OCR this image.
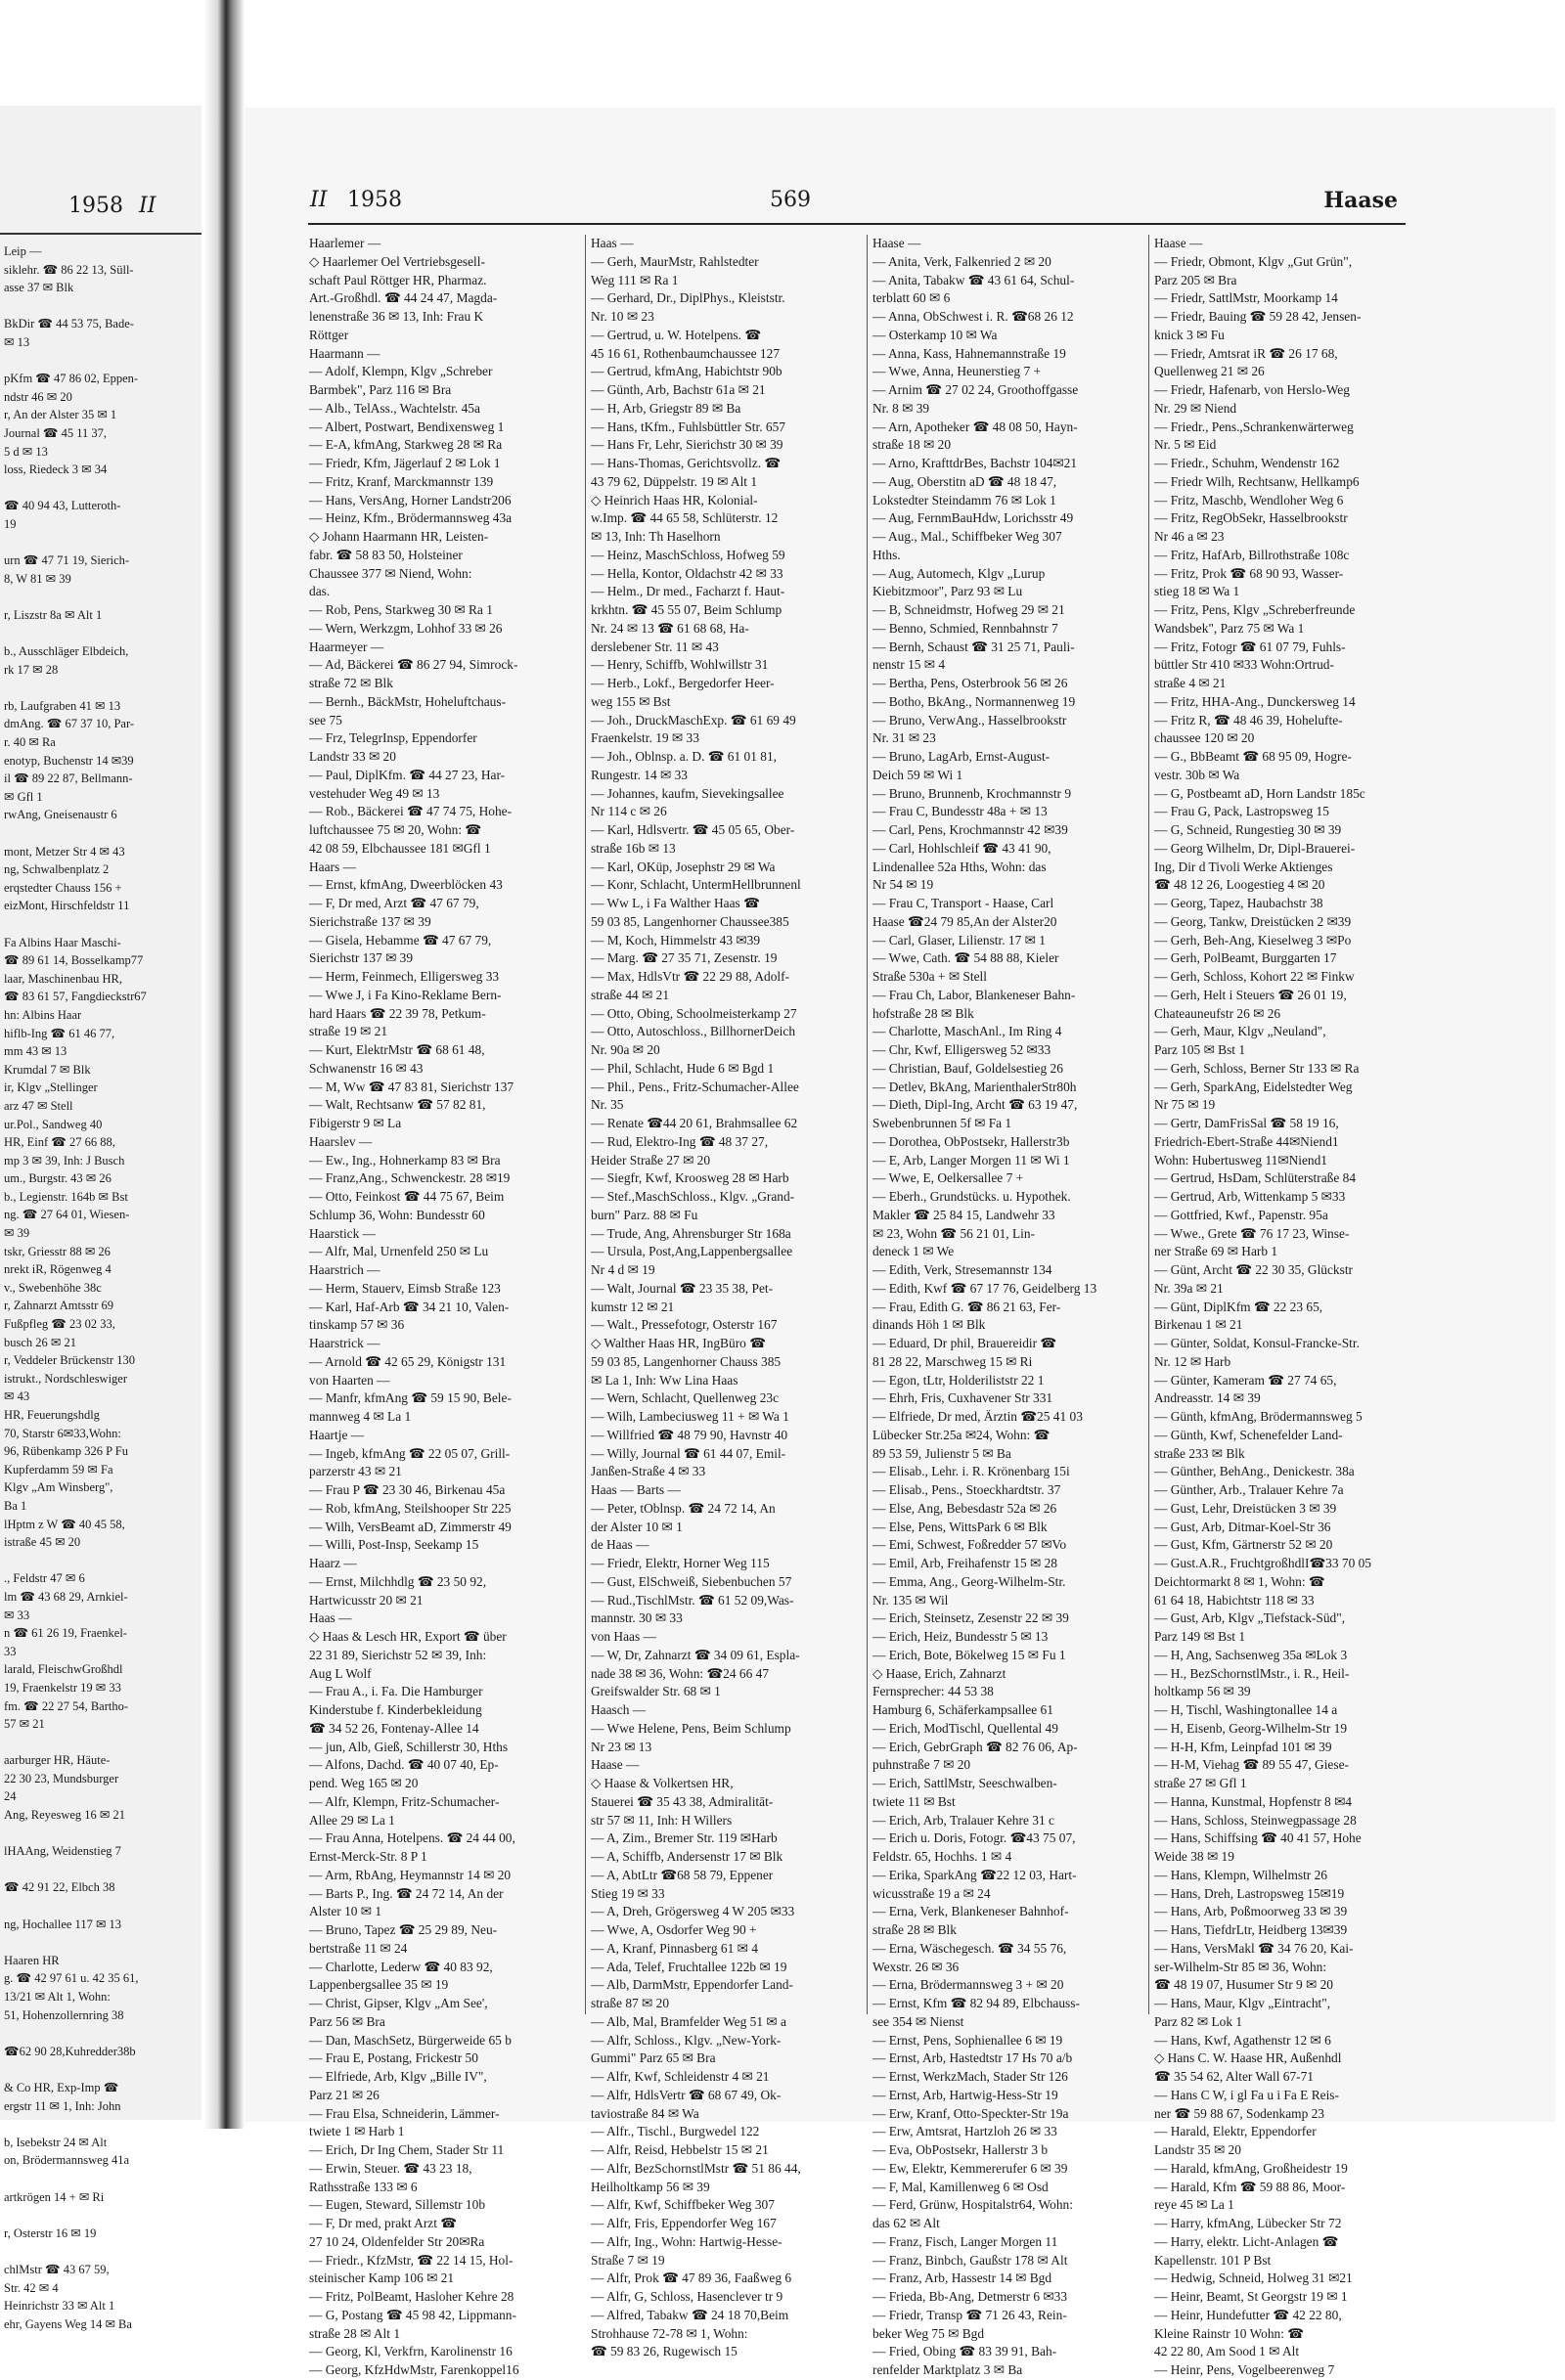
1958 II
Leip —
siklehr. ☎ 86 22 13, Süll-
asse 37 ✉ Blk

BkDir ☎ 44 53 75, Bade-
✉ 13

pKfm ☎ 47 86 02, Eppen-
ndstr 46 ✉ 20
r, An der Alster 35 ✉ 1
Journal ☎ 45 11 37,
5 d ✉ 13
loss, Riedeck 3 ✉ 34

☎ 40 94 43, Lutteroth-
19

urn ☎ 47 71 19, Sierich-
8, W 81 ✉ 39

r, Liszstr 8a ✉ Alt 1

b., Ausschläger Elbdeich,
rk 17 ✉ 28

rb, Laufgraben 41 ✉ 13
dmAng. ☎ 67 37 10, Par-
r. 40 ✉ Ra
enotyp, Buchenstr 14 ✉39
il ☎ 89 22 87, Bellmann-
✉ Gfl 1
rwAng, Gneisenaustr 6

mont, Metzer Str 4 ✉ 43
ng, Schwalbenplatz 2
erqstedter Chauss 156 +
eizMont, Hirschfeldstr 11

Fa Albins Haar Maschi-
☎ 89 61 14, Bosselkamp77
laar, Maschinenbau HR,
☎ 83 61 57, Fangdieckstr67
hn: Albins Haar
hiflb-Ing ☎ 61 46 77,
mm 43 ✉ 13
Krumdal 7 ✉ Blk
ir, Klgv „Stellinger
arz 47 ✉ Stell
ur.Pol., Sandweg 40
HR, Einf ☎ 27 66 88,
mp 3 ✉ 39, Inh: J Busch
um., Burgstr. 43 ✉ 26
b., Legienstr. 164b ✉ Bst
ng. ☎ 27 64 01, Wiesen-
✉ 39
tskr, Griesstr 88 ✉ 26
nrekt iR, Rögenweg 4
v., Swebenhöhe 38c
r, Zahnarzt Amtsstr 69
Fußpfleg ☎ 23 02 33,
busch 26 ✉ 21
r, Veddeler Brückenstr 130
istrukt., Nordschleswiger
✉ 43
HR, Feuerungshdlg
70, Starstr 6✉33,Wohn:
96, Rübenkamp 326 P Fu
Kupferdamm 59 ✉ Fa
Klgv „Am Winsberg",
Ba 1
lHptm z W ☎ 40 45 58,
istraße 45 ✉ 20

., Feldstr 47 ✉ 6
lm ☎ 43 68 29, Arnkiel-
✉ 33
n ☎ 61 26 19, Fraenkel-
33
larald, FleischwGroßhdl
19, Fraenkelstr 19 ✉ 33
fm. ☎ 22 27 54, Bartho-
57 ✉ 21

aarburger HR, Häute-
22 30 23, Mundsburger
24
Ang, Reyesweg 16 ✉ 21

lHAAng, Weidenstieg 7

☎ 42 91 22, Elbch 38

ng, Hochallee 117 ✉ 13

Haaren HR
g. ☎ 42 97 61 u. 42 35 61,
13/21 ✉ Alt 1, Wohn:
51, Hohenzollernring 38

☎62 90 28,Kuhredder38b

& Co HR, Exp-Imp ☎
ergstr 11 ✉ 1, Inh: John

b, Isebekstr 24 ✉ Alt
on, Brödermannsweg 41a

artkrögen 14 + ✉ Ri

r, Osterstr 16 ✉ 19

chlMstr ☎ 43 67 59,
Str. 42 ✉ 4
Heinrichstr 33 ✉ Alt 1
ehr, Gayens Weg 14 ✉ Ba
II 1958	569	Haase
Haarlemer —
◇ Haarlemer Oel Vertriebsgesell-
schaft Paul Röttger HR, Pharmaz.
Art.-Großhdl. ☎ 44 24 47, Magda-
lenenstraße 36 ✉ 13, Inh: Frau K
Röttger
Haarmann —
— Adolf, Klempn, Klgv „Schreber
Barmbek", Parz 116 ✉ Bra
— Alb., TelAss., Wachtelstr. 45a
— Albert, Postwart, Bendixensweg 1
— E-A, kfmAng, Starkweg 28 ✉ Ra
— Friedr, Kfm, Jägerlauf 2 ✉ Lok 1
— Fritz, Kranf, Marckmannstr 139
— Hans, VersAng, Horner Landstr206
— Heinz, Kfm., Brödermannsweg 43a
◇ Johann Haarmann HR, Leisten-
fabr. ☎ 58 83 50, Holsteiner
Chaussee 377 ✉ Niend, Wohn:
das.
— Rob, Pens, Starkweg 30 ✉ Ra 1
— Wern, Werkzgm, Lohhof 33 ✉ 26
Haarmeyer —
— Ad, Bäckerei ☎ 86 27 94, Simrock-
straße 72 ✉ Blk
— Bernh., BäckMstr, Hoheluftchaus-
see 75
— Frz, TelegrInsp, Eppendorfer
Landstr 33 ✉ 20
— Paul, DiplKfm. ☎ 44 27 23, Har-
vestehuder Weg 49 ✉ 13
— Rob., Bäckerei ☎ 47 74 75, Hohe-
luftchaussee 75 ✉ 20, Wohn: ☎
42 08 59, Elbchaussee 181 ✉Gfl 1
Haars —
— Ernst, kfmAng, Dweerblöcken 43
— F, Dr med, Arzt ☎ 47 67 79,
Sierichstraße 137 ✉ 39
— Gisela, Hebamme ☎ 47 67 79,
Sierichstr 137 ✉ 39
— Herm, Feinmech, Elligersweg 33
— Wwe J, i Fa Kino-Reklame Bern-
hard Haars ☎ 22 39 78, Petkum-
straße 19 ✉ 21
— Kurt, ElektrMstr ☎ 68 61 48,
Schwanenstr 16 ✉ 43
— M, Ww ☎ 47 83 81, Sierichstr 137
— Walt, Rechtsanw ☎ 57 82 81,
Fibigerstr 9 ✉ La
Haarslev —
— Ew., Ing., Hohnerkamp 83 ✉ Bra
— Franz,Ang., Schwenckestr. 28 ✉19
— Otto, Feinkost ☎ 44 75 67, Beim
Schlump 36, Wohn: Bundesstr 60
Haarstick —
— Alfr, Mal, Urnenfeld 250 ✉ Lu
Haarstrich —
— Herm, Stauerv, Eimsb Straße 123
— Karl, Haf-Arb ☎ 34 21 10, Valen-
tinskamp 57 ✉ 36
Haarstrick —
— Arnold ☎ 42 65 29, Königstr 131
von Haarten —
— Manfr, kfmAng ☎ 59 15 90, Bele-
mannweg 4 ✉ La 1
Haartje —
— Ingeb, kfmAng ☎ 22 05 07, Grill-
parzerstr 43 ✉ 21
— Frau P ☎ 23 30 46, Birkenau 45a
— Rob, kfmAng, Steilshooper Str 225
— Wilh, VersBeamt aD, Zimmerstr 49
— Willi, Post-Insp, Seekamp 15
Haarz —
— Ernst, Milchhdlg ☎ 23 50 92,
Hartwicusstr 20 ✉ 21
Haas —
◇ Haas & Lesch HR, Export ☎ über
22 31 89, Sierichstr 52 ✉ 39, Inh:
Aug L Wolf
— Frau A., i. Fa. Die Hamburger
Kinderstube f. Kinderbekleidung
☎ 34 52 26, Fontenay-Allee 14
— jun, Alb, Gieß, Schillerstr 30, Hths
— Alfons, Dachd. ☎ 40 07 40, Ep-
pend. Weg 165 ✉ 20
— Alfr, Klempn, Fritz-Schumacher-
Allee 29 ✉ La 1
— Frau Anna, Hotelpens. ☎ 24 44 00,
Ernst-Merck-Str. 8 P 1
— Arm, RbAng, Heymannstr 14 ✉ 20
— Barts P., Ing. ☎ 24 72 14, An der
Alster 10 ✉ 1
— Bruno, Tapez ☎ 25 29 89, Neu-
bertstraße 11 ✉ 24
— Charlotte, Lederw ☎ 40 83 92,
Lappenbergsallee 35 ✉ 19
— Christ, Gipser, Klgv „Am See',
Parz 56 ✉ Bra
— Dan, MaschSetz, Bürgerweide 65 b
— Frau E, Postang, Frickestr 50
— Elfriede, Arb, Klgv „Bille IV",
Parz 21 ✉ 26
— Frau Elsa, Schneiderin, Lämmer-
twiete 1 ✉ Harb 1
— Erich, Dr Ing Chem, Stader Str 11
— Erwin, Steuer. ☎ 43 23 18,
Rathsstraße 133 ✉ 6
— Eugen, Steward, Sillemstr 10b
— F, Dr med, prakt Arzt ☎
27 10 24, Oldenfelder Str 20✉Ra
— Friedr., KfzMstr, ☎ 22 14 15, Hol-
steinischer Kamp 106 ✉ 21
— Fritz, PolBeamt, Hasloher Kehre 28
— G, Postang ☎ 45 98 42, Lippmann-
straße 28 ✉ Alt 1
— Georg, Kl, Verkfrn, Karolinenstr 16
— Georg, KfzHdwMstr, Farenkoppel16
Haas —
— Gerh, MaurMstr, Rahlstedter
Weg 111 ✉ Ra 1
— Gerhard, Dr., DiplPhys., Kleiststr.
Nr. 10 ✉ 23
— Gertrud, u. W. Hotelpens. ☎
45 16 61, Rothenbaumchaussee 127
— Gertrud, kfmAng, Habichtstr 90b
— Günth, Arb, Bachstr 61a ✉ 21
— H, Arb, Griegstr 89 ✉ Ba
— Hans, tKfm., Fuhlsbüttler Str. 657
— Hans Fr, Lehr, Sierichstr 30 ✉ 39
— Hans-Thomas, Gerichtsvollz. ☎
43 79 62, Düppelstr. 19 ✉ Alt 1
◇ Heinrich Haas HR, Kolonial-
w.Imp. ☎ 44 65 58, Schlüterstr. 12
✉ 13, Inh: Th Haselhorn
— Heinz, MaschSchloss, Hofweg 59
— Hella, Kontor, Oldachstr 42 ✉ 33
— Helm., Dr med., Facharzt f. Haut-
krkhtn. ☎ 45 55 07, Beim Schlump
Nr. 24 ✉ 13 ☎ 61 68 68, Ha-
derslebener Str. 11 ✉ 43
— Henry, Schiffb, Wohlwillstr 31
— Herb., Lokf., Bergedorfer Heer-
weg 155 ✉ Bst
— Joh., DruckMaschExp. ☎ 61 69 49
Fraenkelstr. 19 ✉ 33
— Joh., Oblnsp. a. D. ☎ 61 01 81,
Rungestr. 14 ✉ 33
— Johannes, kaufm, Sievekingsallee
Nr 114 c ✉ 26
— Karl, Hdlsvertr. ☎ 45 05 65, Ober-
straße 16b ✉ 13
— Karl, OKüp, Josephstr 29 ✉ Wa
— Konr, Schlacht, UntermHellbrunnenl
— Ww L, i Fa Walther Haas ☎
59 03 85, Langenhorner Chaussee385
— M, Koch, Himmelstr 43 ✉39
— Marg. ☎ 27 35 71, Zesenstr. 19
— Max, HdlsVtr ☎ 22 29 88, Adolf-
straße 44 ✉ 21
— Otto, Obing, Schoolmeisterkamp 27
— Otto, Autoschloss., BillhornerDeich
Nr. 90a ✉ 20
— Phil, Schlacht, Hude 6 ✉ Bgd 1
— Phil., Pens., Fritz-Schumacher-Allee
Nr. 35
— Renate ☎44 20 61, Brahmsallee 62
— Rud, Elektro-Ing ☎ 48 37 27,
Heider Straße 27 ✉ 20
— Siegfr, Kwf, Kroosweg 28 ✉ Harb
— Stef.,MaschSchloss., Klgv. „Grand-
burn" Parz. 88 ✉ Fu
— Trude, Ang, Ahrensburger Str 168a
— Ursula, Post,Ang,Lappenbergsallee
Nr 4 d ✉ 19
— Walt, Journal ☎ 23 35 38, Pet-
kumstr 12 ✉ 21
— Walt., Pressefotogr, Osterstr 167
◇ Walther Haas HR, IngBüro ☎
59 03 85, Langenhorner Chauss 385
✉ La 1, Inh: Ww Lina Haas
— Wern, Schlacht, Quellenweg 23c
— Wilh, Lambeciusweg 11 + ✉ Wa 1
— Willfried ☎ 48 79 90, Havnstr 40
— Willy, Journal ☎ 61 44 07, Emil-
Janßen-Straße 4 ✉ 33
Haas — Barts —
— Peter, tOblnsp. ☎ 24 72 14, An
der Alster 10 ✉ 1
de Haas —
— Friedr, Elektr, Horner Weg 115
— Gust, ElSchweiß, Siebenbuchen 57
— Rud.,TischlMstr. ☎ 61 52 09,Was-
mannstr. 30 ✉ 33
von Haas —
— W, Dr, Zahnarzt ☎ 34 09 61, Esplа-
nade 38 ✉ 36, Wohn: ☎24 66 47
Greifswalder Str. 68 ✉ 1
Haasch —
— Wwe Helene, Pens, Beim Schlump
Nr 23 ✉ 13
Haase —
◇ Haase & Volkertsen HR,
Stauerei ☎ 35 43 38, Admiralitāt-
str 57 ✉ 11, Inh: H Willers
— A, Zim., Bremer Str. 119 ✉Harb
— A, Schiffb, Andersenstr 17 ✉ Blk
— A, AbtLtr ☎68 58 79, Eppener
Stieg 19 ✉ 33
— A, Dreh, Grögersweg 4 W 205 ✉33
— Wwe, A, Osdorfer Weg 90 +
— A, Kranf, Pinnasberg 61 ✉ 4
— Ada, Telef, Fruchtallee 122b ✉ 19
— Alb, DarmMstr, Eppendorfer Land-
straße 87 ✉ 20
— Alb, Mal, Bramfelder Weg 51 ✉ a
— Alfr, Schloss., Klgv. „New-York-
Gummi" Parz 65 ✉ Bra
— Alfr, Kwf, Schleidenstr 4 ✉ 21
— Alfr, HdlsVertr ☎ 68 67 49, Ok-
taviostraße 84 ✉ Wa
— Alfr., Tischl., Burgwedel 122
— Alfr, Reisd, Hebbelstr 15 ✉ 21
— Alfr, BezSchornstlMstr ☎ 51 86 44,
Heilholtkamp 56 ✉ 39
— Alfr, Kwf, Schiffbeker Weg 307
— Alfr, Fris, Eppendorfer Weg 167
— Alfr, Ing., Wohn: Hartwig-Hesse-
Straße 7 ✉ 19
— Alfr, Prok ☎ 47 89 36, Faaßweg 6
— Alfr, G, Schloss, Hasenclever tr 9
— Alfred, Tabakw ☎ 24 18 70,Beim
Strohhause 72-78 ✉ 1, Wohn:
☎ 59 83 26, Rugewisch 15
Haase —
— Anita, Verk, Falkenried 2 ✉ 20
— Anita, Tabakw ☎ 43 61 64, Schul-
terblatt 60 ✉ 6
— Anna, ObSchwest i. R. ☎68 26 12
— Osterkamp 10 ✉ Wa
— Anna, Kass, Hahnemannstraße 19
— Wwe, Anna, Heunerstieg 7 +
— Arnim ☎ 27 02 24, Groothoffgasse
Nr. 8 ✉ 39
— Arn, Apotheker ☎ 48 08 50, Hayn-
straße 18 ✉ 20
— Arno, KrafttdrBes, Bachstr 104✉21
— Aug, Oberstitn aD ☎ 48 18 47,
Lokstedter Steindamm 76 ✉ Lok 1
— Aug, FernmBauHdw, Lorichsstr 49
— Aug., Mal., Schiffbeker Weg 307
Hths.
— Aug, Automech, Klgv „Lurup
Kiebitzmoor", Parz 93 ✉ Lu
— B, Schneidmstr, Hofweg 29 ✉ 21
— Benno, Schmied, Rennbahnstr 7
— Bernh, Schaust ☎ 31 25 71, Pauli-
nenstr 15 ✉ 4
— Bertha, Pens, Osterbrook 56 ✉ 26
— Botho, BkAng., Normannenweg 19
— Bruno, VerwAng., Hasselbrookstr
Nr. 31 ✉ 23
— Bruno, LagArb, Ernst-August-
Deich 59 ✉ Wi 1
— Bruno, Brunnenb, Krochmannstr 9
— Frau C, Bundesstr 48a + ✉ 13
— Carl, Pens, Krochmannstr 42 ✉39
— Carl, Hohlschleif ☎ 43 41 90,
Lindenallee 52a Hths, Wohn: das
Nr 54 ✉ 19
— Frau C, Transport - Haase, Carl
Haase ☎24 79 85,An der Alster20
— Carl, Glaser, Lilienstr. 17 ✉ 1
— Wwe, Cath. ☎ 54 88 88, Kieler
Straße 530a + ✉ Stell
— Frau Ch, Labor, Blankeneser Bahn-
hofstraße 28 ✉ Blk
— Charlotte, MaschAnl., Im Ring 4
— Chr, Kwf, Elligersweg 52 ✉33
— Christian, Bauf, Goldelsestieg 26
— Detlev, BkAng, MarienthalerStr80h
— Dieth, Dipl-Ing, Archt ☎ 63 19 47,
Swebenbrunnen 5f ✉ Fa 1
— Dorothea, ObPostsekr, Hallerstr3b
— E, Arb, Langer Morgen 11 ✉ Wi 1
— Wwe, E, Oelkersallee 7 +
— Eberh., Grundstücks. u. Hypothek.
Makler ☎ 25 84 15, Landwehr 33
✉ 23, Wohn ☎ 56 21 01, Lin-
deneck 1 ✉ We
— Edith, Verk, Stresemannstr 134
— Edith, Kwf ☎ 67 17 76, Geidelberg 13
— Frau, Edith G. ☎ 86 21 63, Fer-
dinands Höh 1 ✉ Blk
— Eduard, Dr phil, Brauereidir ☎
81 28 22, Marschweg 15 ✉ Ri
— Egon, tLtr, Holderiliststr 22 1
— Ehrh, Fris, Cuxhavener Str 331
— Elfriede, Dr med, Ärztin ☎25 41 03
Lübecker Str.25a ✉24, Wohn: ☎
89 53 59, Julienstr 5 ✉ Ba
— Elisab., Lehr. i. R. Krönenbarg 15i
— Elisab., Pens., Stoeckhardtstr. 37
— Else, Ang, Bebesdastr 52a ✉ 26
— Else, Pens, WittsPark 6 ✉ Blk
— Emi, Schwest, Foßredder 57 ✉Vo
— Emil, Arb, Freihafenstr 15 ✉ 28
— Emma, Ang., Georg-Wilhelm-Str.
Nr. 135 ✉ Wil
— Erich, Steinsetz, Zesenstr 22 ✉ 39
— Erich, Heiz, Bundesstr 5 ✉ 13
— Erich, Bote, Bökelweg 15 ✉ Fu 1
◇ Haase, Erich, Zahnarzt
Fernsprecher: 44 53 38
Hamburg 6, Schäferkampsallee 61
— Erich, ModTischl, Quellental 49
— Erich, GebrGraph ☎ 82 76 06, Ap-
puhnstraße 7 ✉ 20
— Erich, SattlMstr, Seeschwalben-
twiete 11 ✉ Bst
— Erich, Arb, Tralauer Kehre 31 c
— Erich u. Doris, Fotogr. ☎43 75 07,
Feldstr. 65, Hochhs. 1 ✉ 4
— Erika, SparkAng ☎22 12 03, Hart-
wicusstraße 19 a ✉ 24
— Erna, Verk, Blankeneser Bahnhof-
straße 28 ✉ Blk
— Erna, Wäschegesch. ☎ 34 55 76,
Wexstr. 26 ✉ 36
— Erna, Brödermannsweg 3 + ✉ 20
— Ernst, Kfm ☎ 82 94 89, Elbchauss-
see 354 ✉ Nienst
— Ernst, Pens, Sophienallee 6 ✉ 19
— Ernst, Arb, Hastedtstr 17 Hs 70 a/b
— Ernst, WerkzMach, Stader Str 126
— Ernst, Arb, Hartwig-Hess-Str 19
— Erw, Kranf, Otto-Speckter-Str 19a
— Erw, Amtsrat, Hartzloh 26 ✉ 33
— Eva, ObPostsekr, Hallerstr 3 b
— Ew, Elektr, Kemmererufer 6 ✉ 39
— F, Mal, Kamillenweg 6 ✉ Osd
— Ferd, Grünw, Hospitalstr64, Wohn:
das 62 ✉ Alt
— Franz, Fisch, Langer Morgen 11
— Franz, Binbch, Gaußstr 178 ✉ Alt
— Franz, Arb, Hassestr 14 ✉ Bgd
— Frieda, Bb-Ang, Detmerstr 6 ✉33
— Friedr, Transp ☎ 71 26 43, Rein-
beker Weg 75 ✉ Bgd
— Fried, Obing ☎ 83 39 91, Bah-
renfelder Marktplatz 3 ✉ Ba
Haase —
— Friedr, Obmont, Klgv „Gut Grün",
Parz 205 ✉ Bra
— Friedr, SattlMstr, Moorkamp 14
— Friedr, Bauing ☎ 59 28 42, Jensen-
knick 3 ✉ Fu
— Friedr, Amtsrat iR ☎ 26 17 68,
Quellenweg 21 ✉ 26
— Friedr, Hafenarb, von Herslo-Weg
Nr. 29 ✉ Niend
— Friedr., Pens.,Schrankenwärterweg
Nr. 5 ✉ Eid
— Friedr., Schuhm, Wendenstr 162
— Friedr Wilh, Rechtsanw, Hellkamp6
— Fritz, Maschb, Wendloher Weg 6
— Fritz, RegObSekr, Hasselbrookstr
Nr 46 a ✉ 23
— Fritz, HafArb, Billrothstraße 108c
— Fritz, Prok ☎ 68 90 93, Wasser-
stieg 18 ✉ Wa 1
— Fritz, Pens, Klgv „Schreberfreunde
Wandsbek", Parz 75 ✉ Wa 1
— Fritz, Fotogr ☎ 61 07 79, Fuhls-
büttler Str 410 ✉33 Wohn:Ortrud-
straße 4 ✉ 21
— Fritz, HHA-Ang., Dunckersweg 14
— Fritz R, ☎ 48 46 39, Hohelufte-
chaussee 120 ✉ 20
— G., BbBeamt ☎ 68 95 09, Hogre-
vestr. 30b ✉ Wa
— G, Postbeamt aD, Horn Landstr 185c
— Frau G, Pack, Lastropsweg 15
— G, Schneid, Rungestieg 30 ✉ 39
— Georg Wilhelm, Dr, Dipl-Brauerei-
Ing, Dir d Tivoli Werke Aktienges
☎ 48 12 26, Loogestieg 4 ✉ 20
— Georg, Tapez, Haubachstr 38
— Georg, Tankw, Dreistücken 2 ✉39
— Gerh, Beh-Ang, Kieselweg 3 ✉Po
— Gerh, PolBeamt, Burggarten 17
— Gerh, Schloss, Kohort 22 ✉ Finkw
— Gerh, Helt i Steuers ☎ 26 01 19,
Chateauneufstr 26 ✉ 26
— Gerh, Maur, Klgv „Neuland",
Parz 105 ✉ Bst 1
— Gerh, Schloss, Berner Str 133 ✉ Ra
— Gerh, SparkAng, Eidelstedter Weg
Nr 75 ✉ 19
— Gertr, DamFrisSal ☎ 58 19 16,
Friedrich-Ebert-Straße 44✉Niend1
Wohn: Hubertusweg 11✉Niend1
— Gertrud, HsDam, Schlüterstraße 84
— Gertrud, Arb, Wittenkamp 5 ✉33
— Gottfried, Kwf., Papenstr. 95a
— Wwe., Grete ☎ 76 17 23, Winse-
ner Straße 69 ✉ Harb 1
— Günt, Archt ☎ 22 30 35, Glückstr
Nr. 39a ✉ 21
— Günt, DiplKfm ☎ 22 23 65,
Birkenau 1 ✉ 21
— Günter, Soldat, Konsul-Francke-Str.
Nr. 12 ✉ Harb
— Günter, Kameram ☎ 27 74 65,
Andreasstr. 14 ✉ 39
— Günth, kfmAng, Brödermannsweg 5
— Günth, Kwf, Schenefelder Land-
straße 233 ✉ Blk
— Günther, BehAng., Denickestr. 38a
— Günther, Arb., Tralauer Kehre 7a
— Gust, Lehr, Dreistücken 3 ✉ 39
— Gust, Arb, Ditmar-Koel-Str 36
— Gust, Kfm, Gärtnerstr 52 ✉ 20
— Gust.A.R., FruchtgroßhdlI☎33 70 05
Deichtormarkt 8 ✉ 1, Wohn: ☎
61 64 18, Habichtstr 118 ✉ 33
— Gust, Arb, Klgv „Tiefstack-Süd",
Parz 149 ✉ Bst 1
— H, Ang, Sachsenweg 35a ✉Lok 3
— H., BezSchornstlMstr., i. R., Heil-
holtkamp 56 ✉ 39
— H, Tischl, Washingtonallee 14 a
— H, Eisenb, Georg-Wilhelm-Str 19
— H-H, Kfm, Leinpfad 101 ✉ 39
— H-M, Viehag ☎ 89 55 47, Giese-
straße 27 ✉ Gfl 1
— Hanna, Kunstmal, Hopfenstr 8 ✉4
— Hans, Schloss, Steinwegpassage 28
— Hans, Schiffsing ☎ 40 41 57, Hohe
Weide 38 ✉ 19
— Hans, Klempn, Wilhelmstr 26
— Hans, Dreh, Lastropsweg 15✉19
— Hans, Arb, Poßmoorweg 33 ✉ 39
— Hans, TiefdrLtr, Heidberg 13✉39
— Hans, VersMakl ☎ 34 76 20, Kai-
ser-Wilhelm-Str 85 ✉ 36, Wohn:
☎ 48 19 07, Husumer Str 9 ✉ 20
— Hans, Maur, Klgv „Eintracht",
Parz 82 ✉ Lok 1
— Hans, Kwf, Agathenstr 12 ✉ 6
◇ Hans C. W. Haase HR, Außenhdl
☎ 35 54 62, Alter Wall 67-71
— Hans C W, i gl Fa u i Fa E Reis-
ner ☎ 59 88 67, Sodenkamp 23
— Harald, Elektr, Eppendorfer
Landstr 35 ✉ 20
— Harald, kfmAng, Großheidestr 19
— Harald, Kfm ☎ 59 88 86, Moor-
reye 45 ✉ La 1
— Harry, kfmAng, Lübecker Str 72
— Harry, elektr. Licht-Anlagen ☎
Kapellenstr. 101 P Bst
— Hedwig, Schneid, Holweg 31 ✉21
— Heinr, Beamt, St Georgstr 19 ✉ 1
— Heinr, Hundefutter ☎ 42 22 80,
Kleine Rainstr 10 Wohn: ☎
42 22 80, Am Sood 1 ✉ Alt
— Heinr, Pens, Vogelbeerenweg 7
